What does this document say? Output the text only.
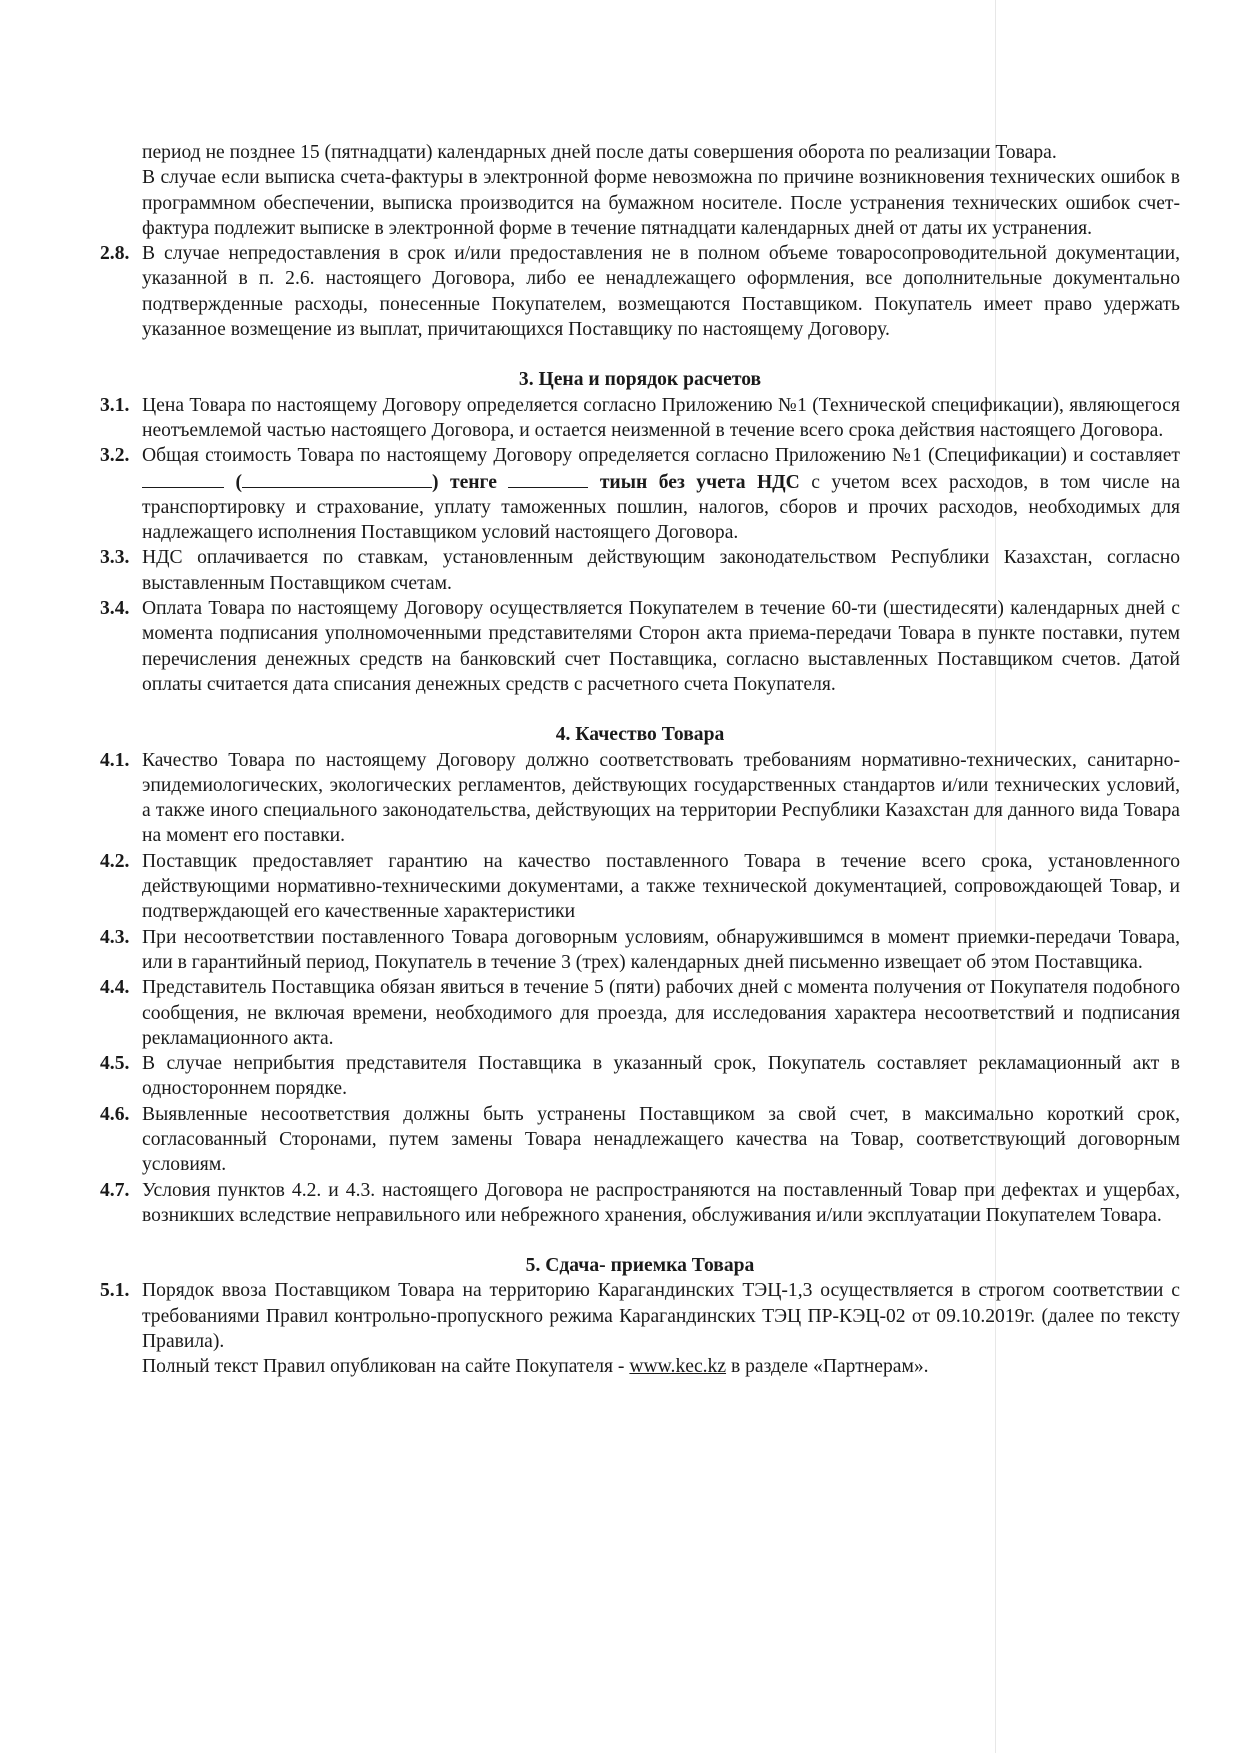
период не позднее 15 (пятнадцати) календарных дней после даты совершения оборота по реализации Товара.

В случае если выписка счета-фактуры в электронной форме невозможна по причине возникновения технических ошибок в программном обеспечении, выписка производится на бумажном носителе. После устранения технических ошибок счет-фактура подлежит выписке в электронной форме в течение пятнадцати календарных дней от даты их устранения.

2.8. В случае непредоставления в срок и/или предоставления не в полном объеме товаросопроводительной документации, указанной в п. 2.6. настоящего Договора, либо ее ненадлежащего оформления, все дополнительные документально подтвержденные расходы, понесенные Покупателем, возмещаются Поставщиком. Покупатель имеет право удержать указанное возмещение из выплат, причитающихся Поставщику по настоящему Договору.
3. Цена и порядок расчетов
3.1. Цена Товара по настоящему Договору определяется согласно Приложению №1 (Технической спецификации), являющегося неотъемлемой частью настоящего Договора, и остается неизменной в течение всего срока действия настоящего Договора.
3.2. Общая стоимость Товара по настоящему Договору определяется согласно Приложению №1 (Спецификации) и составляет  (	) тенге	тиын без учета НДС с учетом всех расходов, в том числе на транспортировку и страхование, уплату таможенных пошлин, налогов, сборов и прочих расходов, необходимых для надлежащего исполнения Поставщиком условий настоящего Договора.
3.3. НДС оплачивается по ставкам, установленным действующим законодательством Республики Казахстан, согласно выставленным Поставщиком счетам.
3.4. Оплата Товара по настоящему Договору осуществляется Покупателем в течение 60-ти (шестидесяти) календарных дней с момента подписания уполномоченными представителями Сторон акта приема-передачи Товара в пункте поставки, путем перечисления денежных средств на банковский счет Поставщика, согласно выставленных Поставщиком счетов. Датой оплаты считается дата списания денежных средств с расчетного счета Покупателя.
4. Качество Товара
4.1. Качество Товара по настоящему Договору должно соответствовать требованиям нормативно-технических, санитарно-эпидемиологических, экологических регламентов, действующих государственных стандартов и/или технических условий, а также иного специального законодательства, действующих на территории Республики Казахстан для данного вида Товара на момент его поставки.
4.2. Поставщик предоставляет гарантию на качество поставленного Товара в течение всего срока, установленного действующими нормативно-техническими документами, а также технической документацией, сопровождающей Товар, и подтверждающей его качественные характеристики
4.3. При несоответствии поставленного Товара договорным условиям, обнаружившимся в момент приемки-передачи Товара, или в гарантийный период, Покупатель в течение 3 (трех) календарных дней письменно извещает об этом Поставщика.
4.4. Представитель Поставщика обязан явиться в течение 5 (пяти) рабочих дней с момента получения от Покупателя подобного сообщения, не включая времени, необходимого для проезда, для исследования характера несоответствий и подписания рекламационного акта.
4.5. В случае неприбытия представителя Поставщика в указанный срок, Покупатель составляет рекламационный акт в одностороннем порядке.
4.6. Выявленные несоответствия должны быть устранены Поставщиком за свой счет, в максимально короткий срок, согласованный Сторонами, путем замены Товара ненадлежащего качества на Товар, соответствующий договорным условиям.
4.7. Условия пунктов 4.2. и 4.3. настоящего Договора не распространяются на поставленный Товар при дефектах и ущербах, возникших вследствие неправильного или небрежного хранения, обслуживания и/или эксплуатации Покупателем Товара.
5. Сдача- приемка Товара
5.1. Порядок ввоза Поставщиком Товара на территорию Карагандинских ТЭЦ-1,3 осуществляется в строгом соответствии с требованиями Правил контрольно-пропускного режима Карагандинских ТЭЦ ПР-КЭЦ-02 от 09.10.2019г. (далее по тексту Правила).

Полный текст Правил опубликован на сайте Покупателя - www.kec.kz в разделе «Партнерам».
